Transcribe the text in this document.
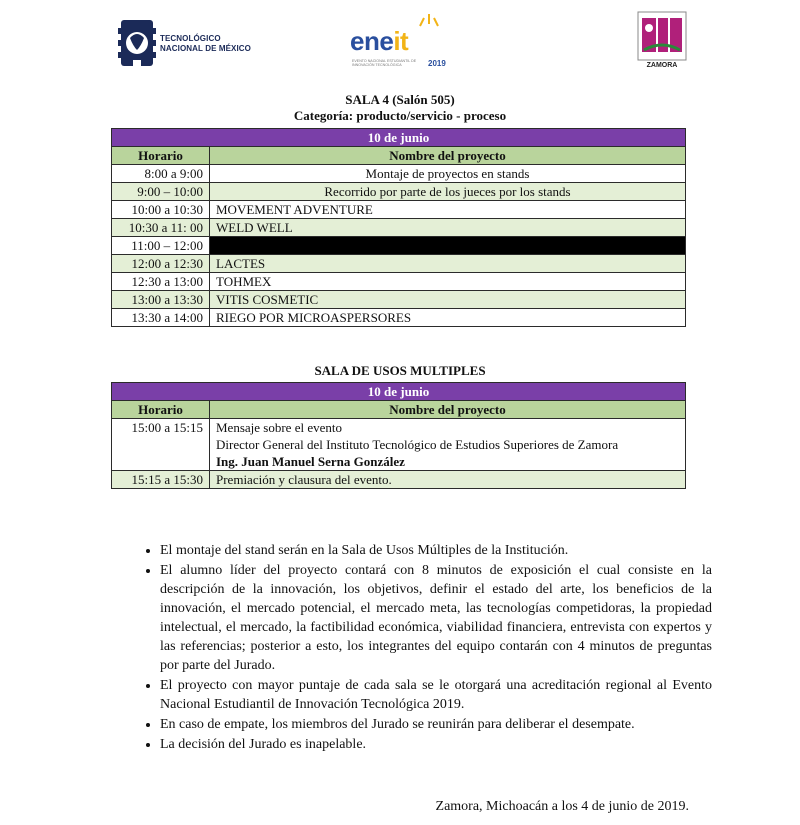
TECNOLÓGICO
NACIONAL DE MÉXICO	eneit
EVENTO NACIONAL ESTUDIANTIL DE INNOVACIÓN TECNOLÓGICA	2019	ZAMORA
SALA 4 (Salón 505)
Categoría: producto/servicio - proceso
10 de junio	
Horario	Nombre del proyecto
8:00 a 9:00	Montaje de proyectos en stands
9:00 – 10:00	Recorrido por parte de los jueces por los stands
10:00 a 10:30	MOVEMENT ADVENTURE
10:30 a 11: 00	WELD WELL
11:00 – 12:00	
12:00 a 12:30	LACTES
12:30 a 13:00	TOHMEX
13:00 a 13:30	VITIS COSMETIC
13:30 a 14:00	RIEGO POR MICROASPERSORES
SALA DE USOS MULTIPLES
10 de junio	
Horario	Nombre del proyecto
15:00 a 15:15	Mensaje sobre el evento
Director General del Instituto Tecnológico de Estudios Superiores de Zamora
Ing. Juan Manuel Serna González

15:15 a 15:30	Premiación y clausura del evento.
• El montaje del stand serán en la Sala de Usos Múltiples de la Institución.
• El alumno líder del proyecto contará con 8 minutos de exposición el cual consiste en la descripción de la innovación, los objetivos, definir el estado del arte, los beneficios de la innovación, el mercado potencial, el mercado meta, las tecnologías competidoras, la propiedad intelectual, el mercado, la factibilidad económica, viabilidad financiera, entrevista con expertos y las referencias; posterior a esto, los integrantes del equipo contarán con 4 minutos de preguntas por parte del Jurado.
• El proyecto con mayor puntaje de cada sala se le otorgará una acreditación regional al Evento Nacional Estudiantil de Innovación Tecnológica 2019.
• En caso de empate, los miembros del Jurado se reunirán para deliberar el desempate.
• La decisión del Jurado es inapelable.
Zamora, Michoacán a los 4 de junio de 2019.
